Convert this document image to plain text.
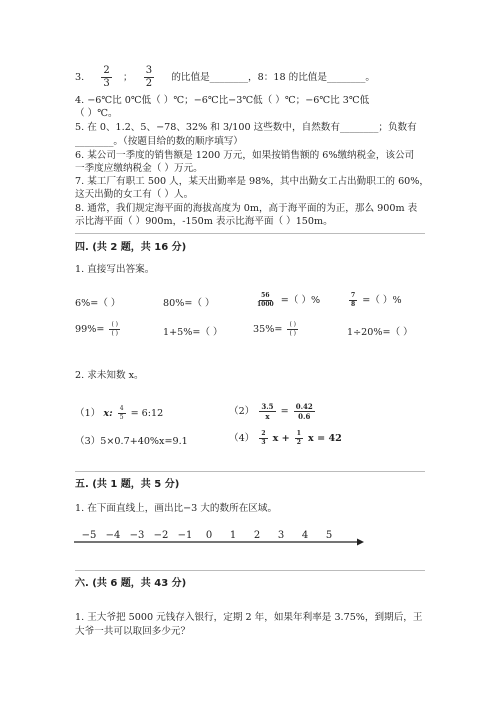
3. $\frac{2}{3}$ ； $\frac{3}{2}$ 的比值是________，8：18 的比值是________。
4. −6℃比 0℃低（ ）℃；−6℃比−3℃低（ ）℃；−6℃比 3℃低
（ ）℃。
5. 在 0、1.2、5、−78、32% 和 3/100 这些数中，自然数有________；负数有
________。（按题目给的数的顺序填写）
6. 某公司一季度的销售额是 1200 万元，如果按销售额的 6%缴纳税金，该公司
一季度应缴纳税金（ ）万元。
7. 某工厂有职工 500 人，某天出勤率是 98%，其中出勤女工占出勤职工的 60%，
这天出勤的女工有（ ）人。
8. 通常，我们规定海平面的海拔高度为 0m，高于海平面的为正，那么 900m 表
示比海平面（ ）900m，-150m 表示比海平面（ ）150m。
四. (共 2 题，共 16 分)
1. 直接写出答案。
6%=（ ）	80%=（ ）	$\frac{56}{1000}$ =（ ）%	$\frac{7}{8}$ =（ ）%
$99\%= \frac{( )}{( )}$	1+5%=（ ）	$35\%= \frac{( )}{( )}$	1÷20%=（ ）
2. 求未知数 x。
（1） x: $\frac{4}{5}$ = 6:12	$(2) \frac{3.5}{x} = \frac{0.42}{0.6}$
（3）5×0.7+40%x=9.1	$(4) \frac{2}{3}$ $x + \frac{1}{2}$ x = 42
五. (共 1 题，共 5 分)
1. 在下面直线上，画出比−3 大的数所在区域。
−5 −4 −3 −2 −1 0 1 2 3 4 5
六. (共 6 题，共 43 分)
1. 王大爷把 5000 元钱存入银行，定期 2 年，如果年利率是 3.75%，到期后，王
大爷一共可以取回多少元？
